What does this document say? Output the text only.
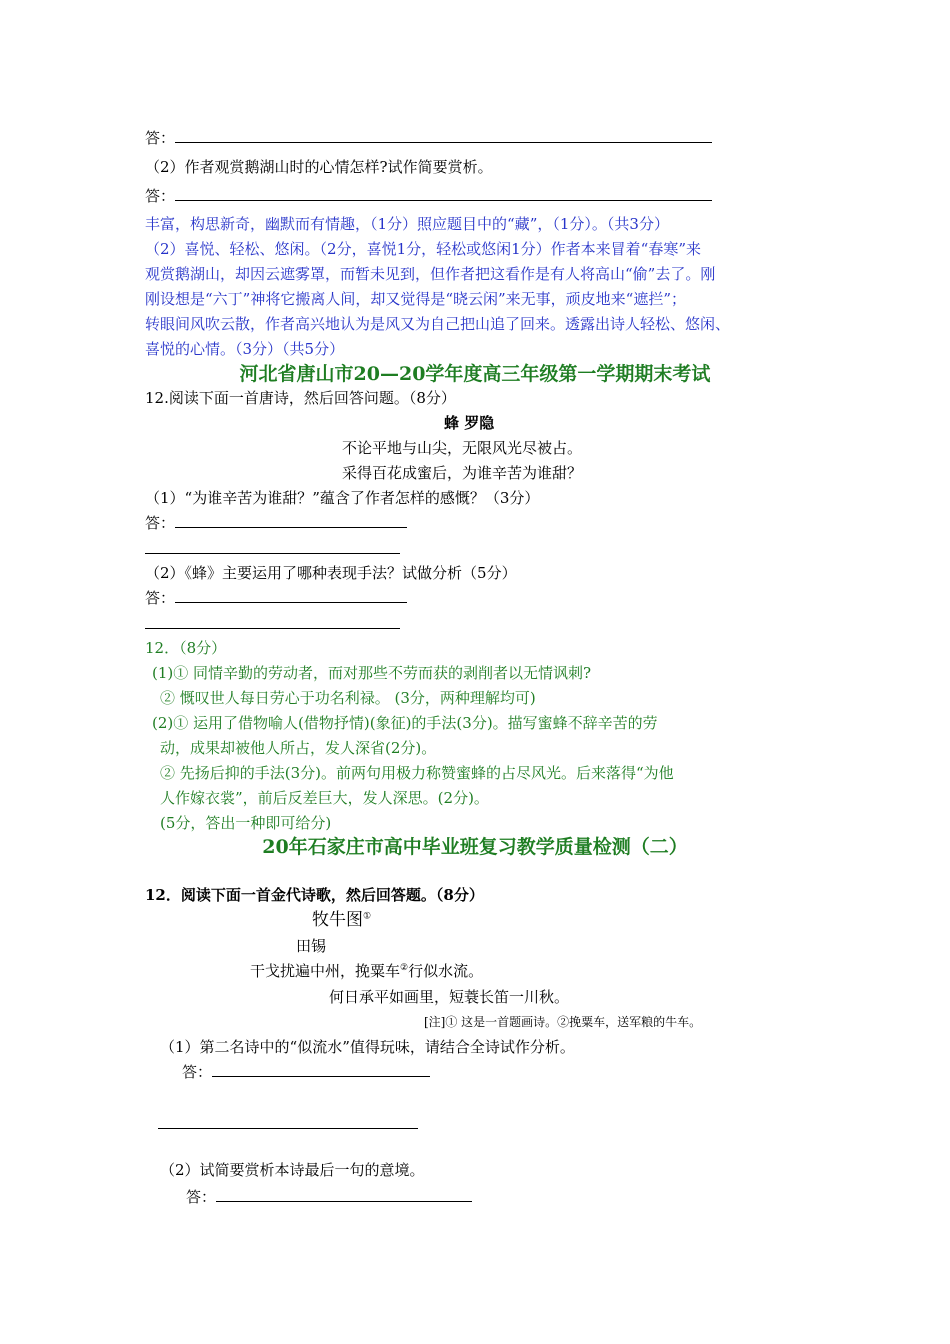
答：
（2）作者观赏鹅湖山时的心情怎样?试作简要赏析。
答：
丰富，构思新奇，幽默而有情趣，（1分）照应题目中的“藏”，（1分）。（共3分）
（2）喜悦、轻松、悠闲。（2分，喜悦1分，轻松或悠闲1分）作者本来冒着“春寒”来
观赏鹅湖山，却因云遮雾罩，而暂未见到，但作者把这看作是有人将高山“偷”去了。刚
刚设想是“六丁”神将它搬离人间，却又觉得是“晓云闲”来无事，顽皮地来“遮拦”；
转眼间风吹云散，作者高兴地认为是风又为自己把山追了回来。透露出诗人轻松、悠闲、
喜悦的心情。（3分）（共5分）
河北省唐山市20—20学年度高三年级第一学期期末考试
12.阅读下面一首唐诗，然后回答问题。（8分）
蜂 罗隐
不论平地与山尖，无限风光尽被占。
采得百花成蜜后，为谁辛苦为谁甜？
（1）“为谁辛苦为谁甜？”蕴含了作者怎样的感慨？（3分）
答：
（2）《蜂》主要运用了哪种表现手法？试做分析（5分）
答：
12．（8分）
(1)① 同情辛勤的劳动者，而对那些不劳而获的剥削者以无情讽刺?
② 慨叹世人每日劳心于功名利禄。 (3分，两种理解均可)
(2)① 运用了借物喻人(借物抒情)(象征)的手法(3分)。描写蜜蜂不辞辛苦的劳
动，成果却被他人所占，发人深省(2分)。
② 先扬后抑的手法(3分)。前两句用极力称赞蜜蜂的占尽风光。后来落得“为他
人作嫁衣裳”，前后反差巨大，发人深思。(2分)。
(5分，答出一种即可给分)
20年石家庄市高中毕业班复习教学质量检测（二）
12．阅读下面一首金代诗歌，然后回答题。（8分）
牧牛图①
田锡
干戈扰遍中州，挽粟车②行似水流。
何日承平如画里，短蓑长笛一川秋。
[注]① 这是一首题画诗。②挽粟车，送军粮的牛车。
（1）第二名诗中的“似流水”值得玩味，请结合全诗试作分析。
答：
（2）试简要赏析本诗最后一句的意境。
答：
